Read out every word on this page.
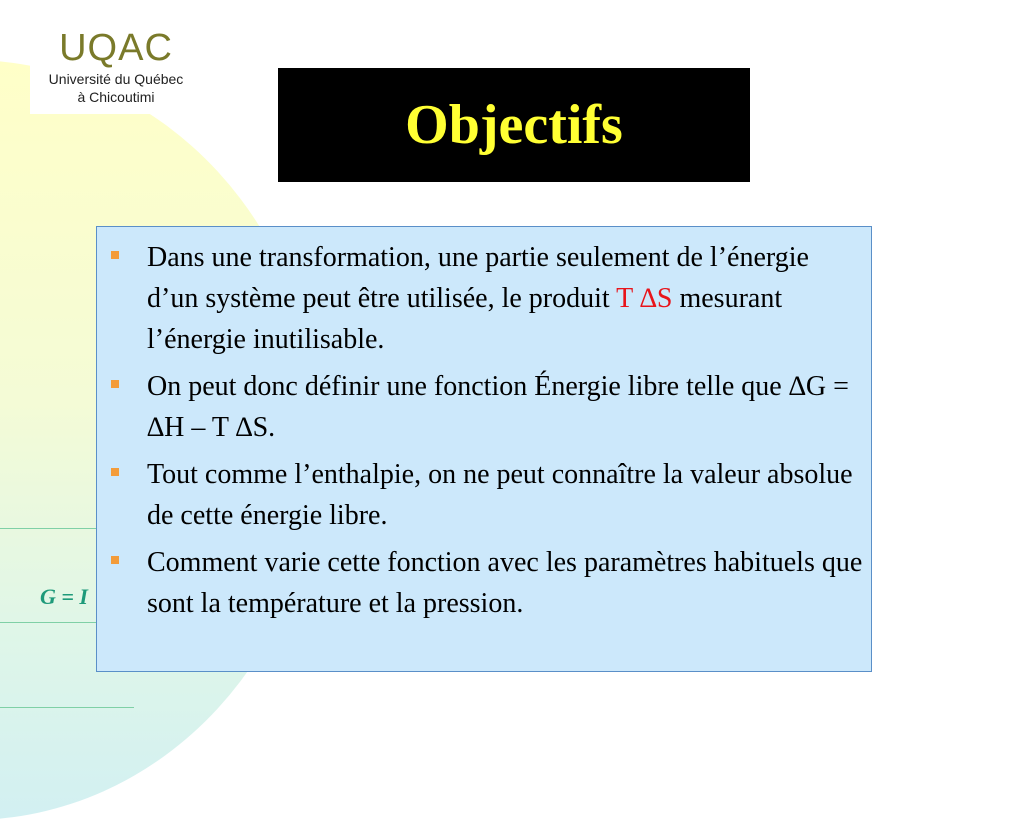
G = I
UQAC
Université du Québec
à Chicoutimi	Objectifs
Dans une transformation, une partie seulement de l’énergie d’un système peut être utilisée, le produit T ∆S mesurant l’énergie inutilisable.
On peut donc définir une fonction Énergie libre telle que ∆G = ∆H – T ∆S.
Tout comme l’enthalpie, on ne peut connaître la valeur absolue de cette énergie libre.
Comment varie cette fonction avec les paramètres habituels que sont la température et la pression.
